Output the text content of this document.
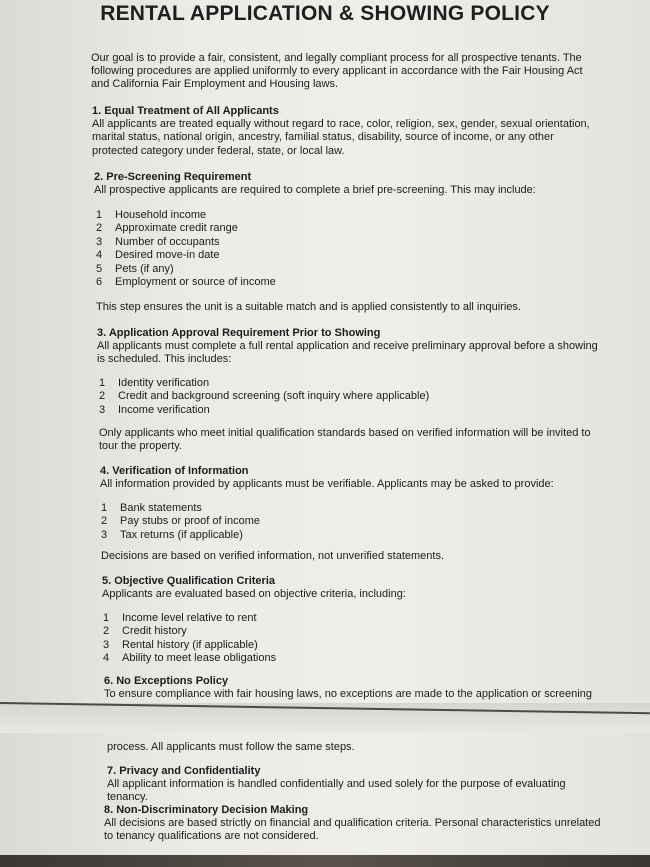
RENTAL APPLICATION & SHOWING POLICY

Our goal is to provide a fair, consistent, and legally compliant process for all prospective tenants. The following procedures are applied uniformly to every applicant in accordance with the Fair Housing Act and California Fair Employment and Housing laws.

1. Equal Treatment of All Applicants

All applicants are treated equally without regard to race, color, religion, sex, gender, sexual orientation, marital status, national origin, ancestry, familial status, disability, source of income, or any other protected category under federal, state, or local law.

2. Pre-Screening Requirement

All prospective applicants are required to complete a brief pre-screening. This may include:

1	Household income
2	Approximate credit range
3	Number of occupants
4	Desired move-in date
5	Pets (if any)
6	Employment or source of income

This step ensures the unit is a suitable match and is applied consistently to all inquiries.

3. Application Approval Requirement Prior to Showing

All applicants must complete a full rental application and receive preliminary approval before a showing is scheduled. This includes:

1	Identity verification
2	Credit and background screening (soft inquiry where applicable)
3	Income verification

Only applicants who meet initial qualification standards based on verified information will be invited to tour the property.

4. Verification of Information

All information provided by applicants must be verifiable. Applicants may be asked to provide:

1	Bank statements
2	Pay stubs or proof of income
3	Tax returns (if applicable)

Decisions are based on verified information, not unverified statements.

5. Objective Qualification Criteria

Applicants are evaluated based on objective criteria, including:

1	Income level relative to rent
2	Credit history
3	Rental history (if applicable)
4	Ability to meet lease obligations

6. No Exceptions Policy

To ensure compliance with fair housing laws, no exceptions are made to the application or screening

process. All applicants must follow the same steps.

7. Privacy and Confidentiality

All applicant information is handled confidentially and used solely for the purpose of evaluating tenancy.

8. Non-Discriminatory Decision Making

All decisions are based strictly on financial and qualification criteria. Personal characteristics unrelated to tenancy qualifications are not considered.
